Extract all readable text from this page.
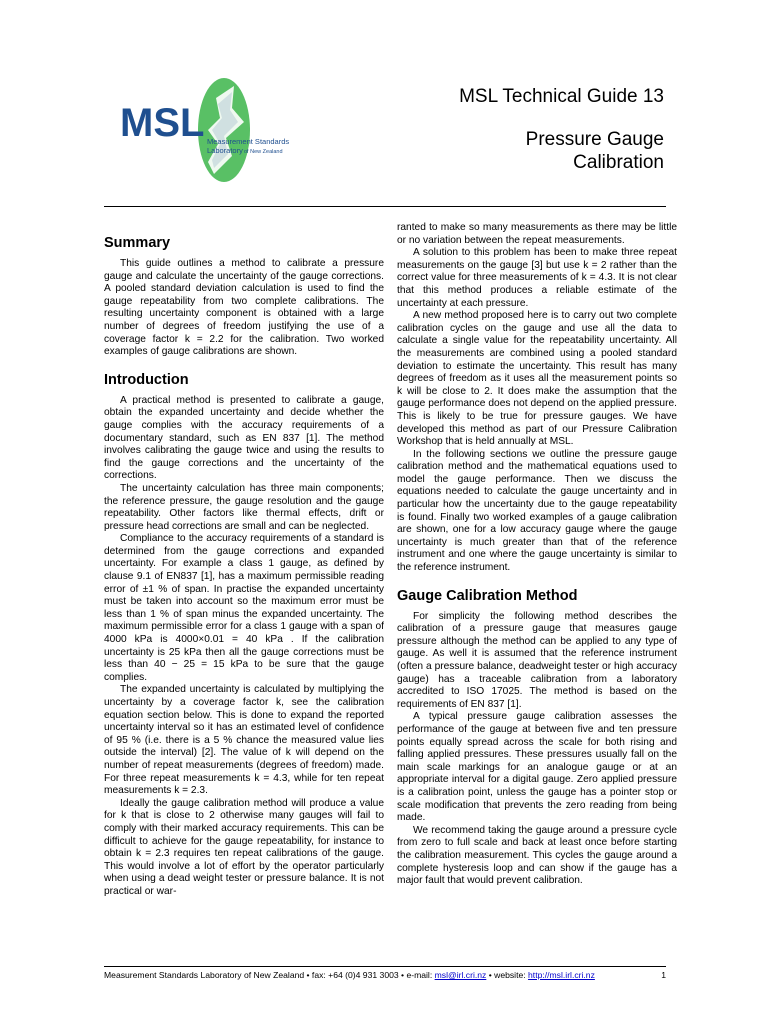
MSL Measurement Standards
Laboratory of New Zealand
MSL Technical Guide 13
Pressure Gauge
Calibration
Summary

This guide outlines a method to calibrate a pressure gauge and calculate the uncertainty of the gauge corrections. A pooled standard deviation calculation is used to find the gauge repeatability from two complete calibrations. The resulting uncertainty component is obtained with a large number of degrees of freedom justifying the use of a coverage factor k = 2.2 for the calibration. Two worked examples of gauge calibrations are shown.

Introduction

A practical method is presented to calibrate a gauge, obtain the expanded uncertainty and decide whether the gauge complies with the accuracy requirements of a documentary standard, such as EN 837 [1]. The method involves calibrating the gauge twice and using the results to find the gauge corrections and the uncertainty of the corrections.

The uncertainty calculation has three main components; the reference pressure, the gauge resolution and the gauge repeatability. Other factors like thermal effects, drift or pressure head corrections are small and can be neglected.

Compliance to the accuracy requirements of a standard is determined from the gauge corrections and expanded uncertainty. For example a class 1 gauge, as defined by clause 9.1 of EN837 [1], has a maximum permissible reading error of ±1 % of span. In practise the expanded uncertainty must be taken into account so the maximum error must be less than 1 % of span minus the expanded uncertainty. The maximum permissible error for a class 1 gauge with a span of 4000 kPa is 4000×0.01 = 40 kPa . If the calibration uncertainty is 25 kPa then all the gauge corrections must be less than 40 − 25 = 15 kPa to be sure that the gauge complies.

The expanded uncertainty is calculated by multiplying the uncertainty by a coverage factor k, see the calibration equation section below. This is done to expand the reported uncertainty interval so it has an estimated level of confidence of 95 % (i.e. there is a 5 % chance the measured value lies outside the interval) [2]. The value of k will depend on the number of repeat measurements (degrees of freedom) made. For three repeat measurements k = 4.3, while for ten repeat measurements k = 2.3.

Ideally the gauge calibration method will produce a value for k that is close to 2 otherwise many gauges will fail to comply with their marked accuracy requirements. This can be difficult to achieve for the gauge repeatability, for instance to obtain k = 2.3 requires ten repeat calibrations of the gauge. This would involve a lot of effort by the operator particularly when using a dead weight tester or pressure balance. It is not practical or war-

ranted to make so many measurements as there may be little or no variation between the repeat measurements.

A solution to this problem has been to make three repeat measurements on the gauge [3] but use k = 2 rather than the correct value for three measurements of k = 4.3. It is not clear that this method produces a reliable estimate of the uncertainty at each pressure.

A new method proposed here is to carry out two complete calibration cycles on the gauge and use all the data to calculate a single value for the repeatability uncertainty. All the measurements are combined using a pooled standard deviation to estimate the uncertainty. This result has many degrees of freedom as it uses all the measurement points so k will be close to 2. It does make the assumption that the gauge performance does not depend on the applied pressure. This is likely to be true for pressure gauges. We have developed this method as part of our Pressure Calibration Workshop that is held annually at MSL.

In the following sections we outline the pressure gauge calibration method and the mathematical equations used to model the gauge performance. Then we discuss the equations needed to calculate the gauge uncertainty and in particular how the uncertainty due to the gauge repeatability is found. Finally two worked examples of a gauge calibration are shown, one for a low accuracy gauge where the gauge uncertainty is much greater than that of the reference instrument and one where the gauge uncertainty is similar to the reference instrument.

Gauge Calibration Method

For simplicity the following method describes the calibration of a pressure gauge that measures gauge pressure although the method can be applied to any type of gauge. As well it is assumed that the reference instrument (often a pressure balance, deadweight tester or high accuracy gauge) has a traceable calibration from a laboratory accredited to ISO 17025. The method is based on the requirements of EN 837 [1].

A typical pressure gauge calibration assesses the performance of the gauge at between five and ten pressure points equally spread across the scale for both rising and falling applied pressures. These pressures usually fall on the main scale markings for an analogue gauge or at an appropriate interval for a digital gauge. Zero applied pressure is a calibration point, unless the gauge has a pointer stop or scale modification that prevents the zero reading from being made.

We recommend taking the gauge around a pressure cycle from zero to full scale and back at least once before starting the calibration measurement. This cycles the gauge around a complete hysteresis loop and can show if the gauge has a major fault that would prevent calibration.

Measurement Standards Laboratory of New Zealand • fax: +64 (0)4 931 3003 • e-mail: msl@irl.cri.nz • website: http://msl.irl.cri.nz	1
